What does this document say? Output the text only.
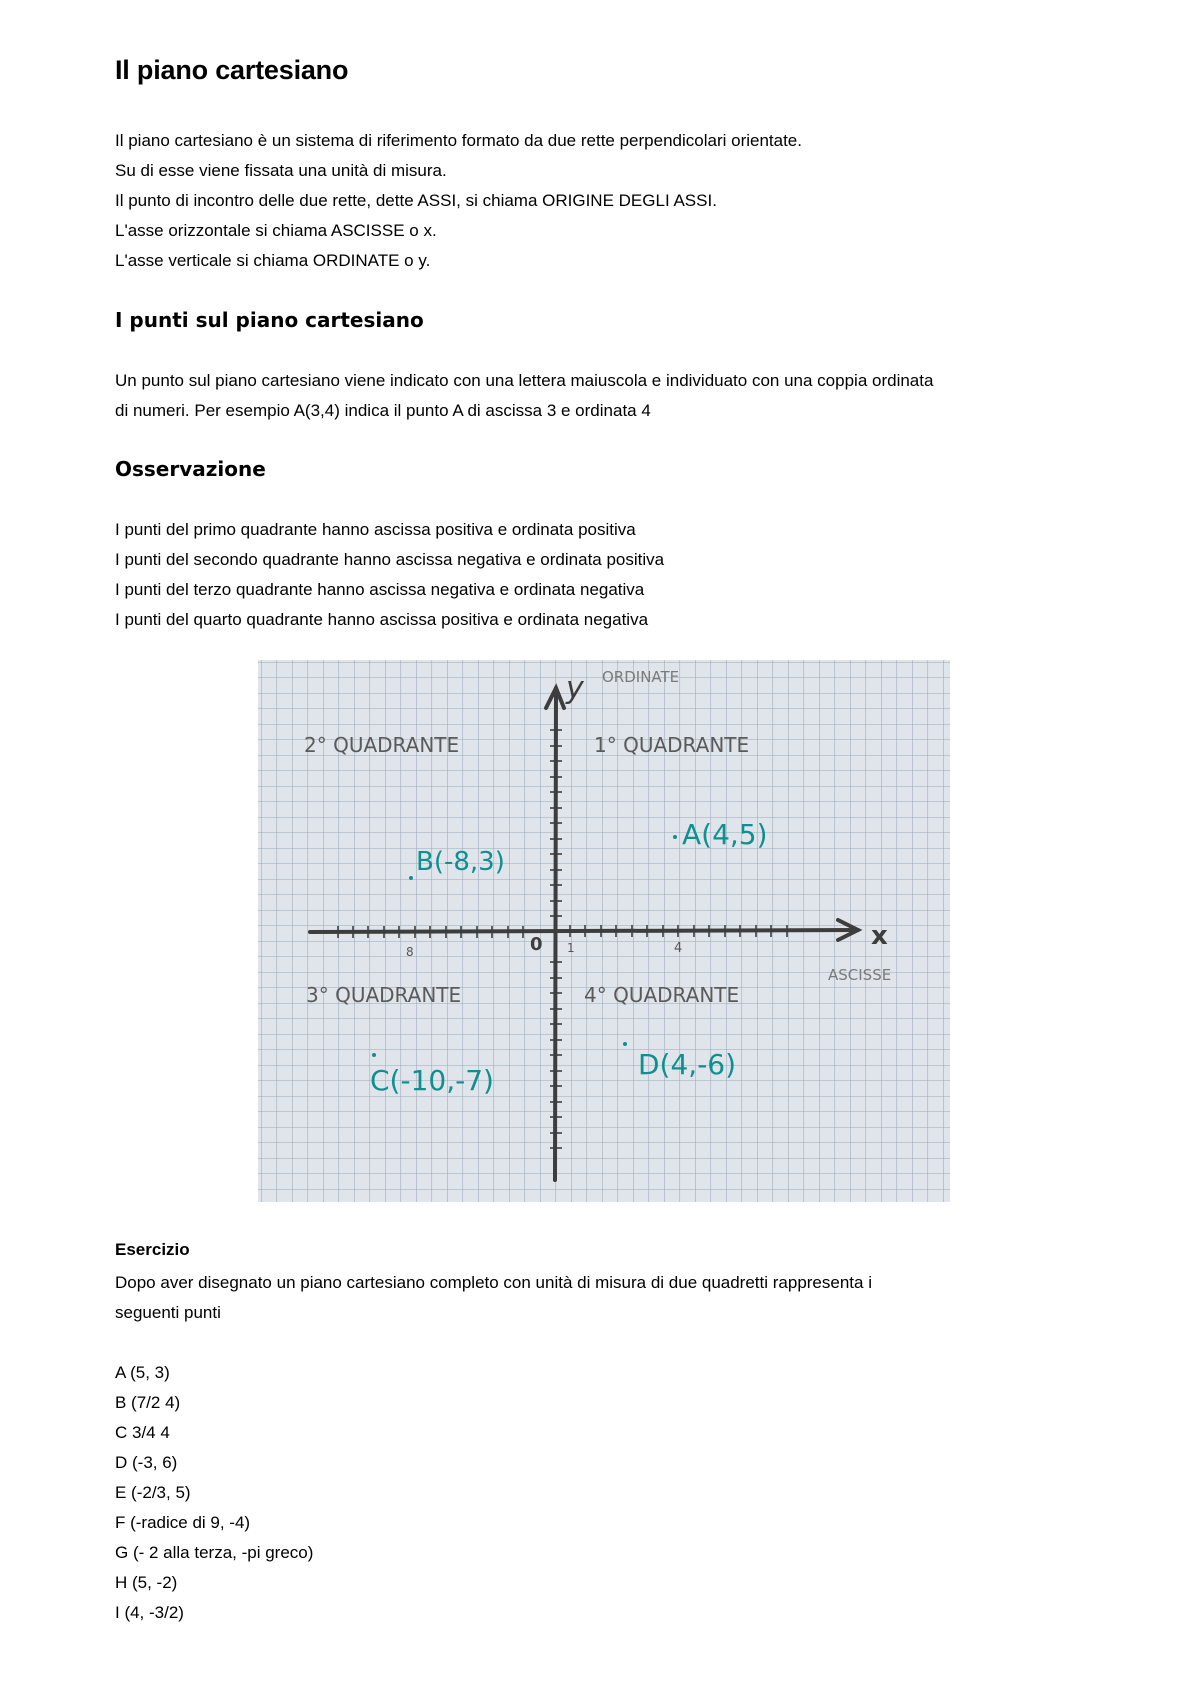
Il piano cartesiano
Il piano cartesiano è un sistema di riferimento formato da due rette perpendicolari orientate.
Su di esse viene fissata una unità di misura.
Il punto di incontro delle due rette, dette ASSI, si chiama ORIGINE DEGLI ASSI.
L'asse orizzontale si chiama ASCISSE o x.
L'asse verticale si chiama ORDINATE o y.
I punti sul piano cartesiano
Un punto sul piano cartesiano viene indicato con una lettera maiuscola e individuato con una coppia ordinata
di numeri. Per esempio A(3,4) indica il punto A di ascissa 3 e ordinata 4
Osservazione
I punti del primo quadrante hanno ascissa positiva e ordinata positiva
I punti del secondo quadrante hanno ascissa negativa e ordinata positiva
I punti del terzo quadrante hanno ascissa negativa e ordinata negativa
I punti del quarto quadrante hanno ascissa positiva e ordinata negativa
y ORDINATE
x
ASCISSE
0
8	1	4
2° QUADRANTE	1° QUADRANTE
3° QUADRANTE	4° QUADRANTE
A(4,5)
B(-8,3)
C(-10,-7)	D(4,-6)
Esercizio
Dopo aver disegnato un piano cartesiano completo con unità di misura di due quadretti rappresenta i
seguenti punti
A (5, 3)
B (7/2 4)
C 3/4 4
D (-3, 6)
E (-2/3, 5)
F (-radice di 9, -4)
G (- 2 alla terza, -pi greco)
H (5, -2)
I (4, -3/2)
